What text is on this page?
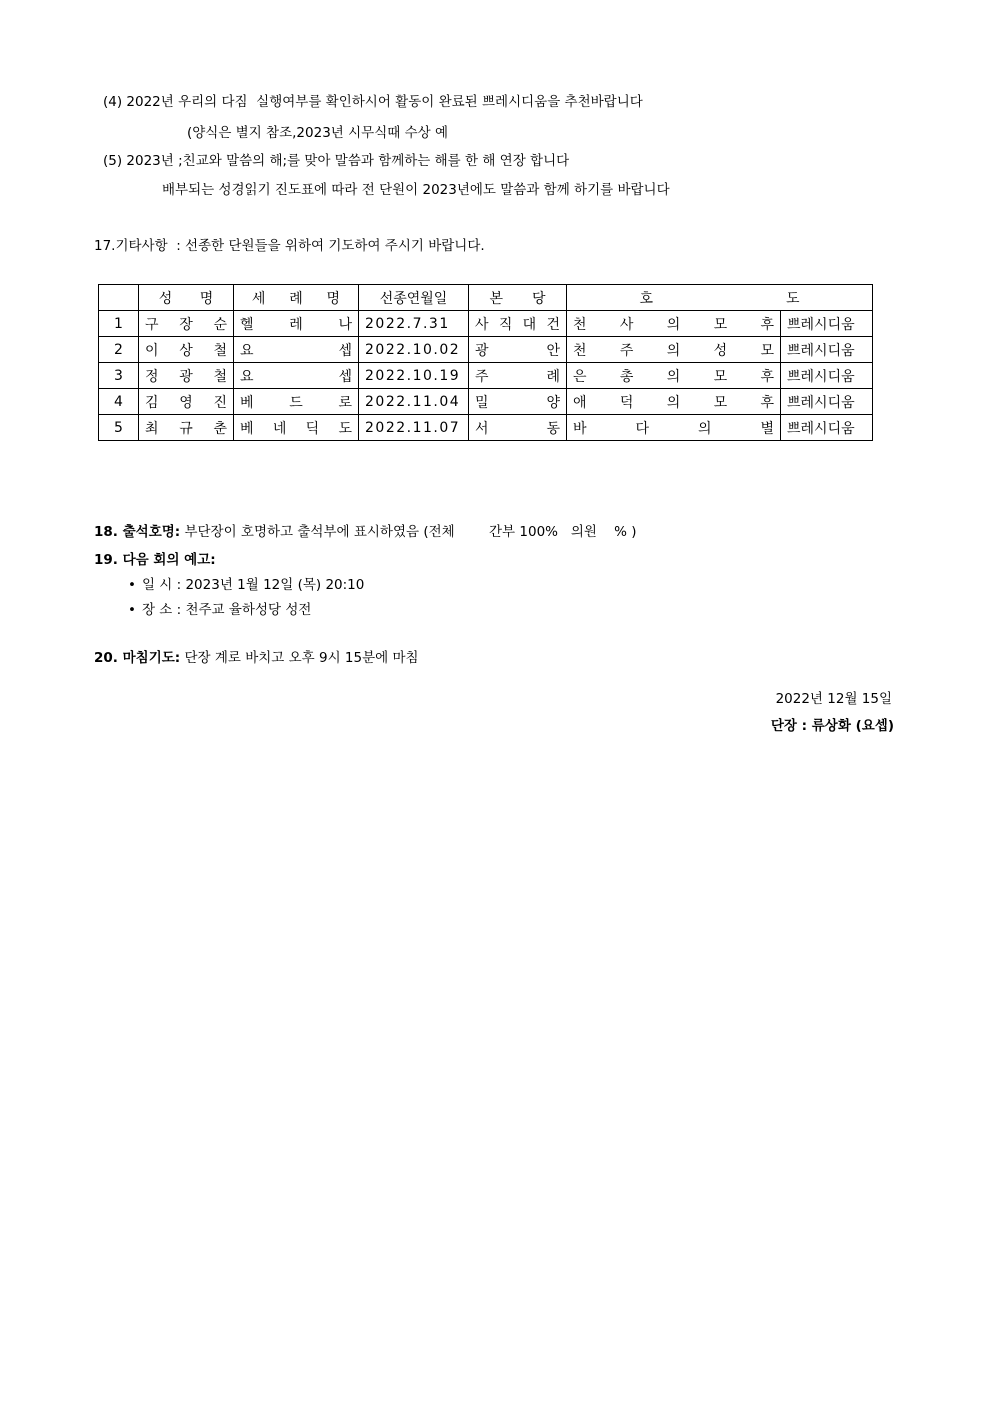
(4) 2022년 우리의 다짐  실행여부를 확인하시어 활동이 완료된 쁘레시디움을 추천바랍니다
(양식은 별지 참조,2023년 시무식때 수상 예
(5) 2023년 ;친교와 말씀의 해;를 맞아 말씀과 함께하는 해를 한 해 연장 합니다
배부되는 성경읽기 진도표에 따라 전 단원이 2023년에도 말씀과 함께 하기를 바랍니다
17.기타사항  : 선종한 단원들을 위하여 기도하여 주시기 바랍니다.

	성 명	세 례 명	선종연월일	본 당	호 도	

1	구 장 순	헬 레 나	2022.7.31	사 직 대 건	천 사 의 모 후	쁘레시디움
2	이 상 철	요 셉	2022.10.02	광 안	천 주 의 성 모	쁘레시디움
3	정 광 철	요 셉	2022.10.19	주 례	은 총 의 모 후	쁘레시디움
4	김 영 진	베 드 로	2022.11.04	밀 양	애 덕 의 모 후	쁘레시디움
5	최 규 춘	베 네 딕 도	2022.11.07	서 동	바 다 의 별	쁘레시디움
18. 출석호명: 부단장이 호명하고 출석부에 표시하였음 (전체        간부 100%   의원    % )
19. 다음 회의 예고:
• 일 시 : 2023년 1월 12일 (목) 20:10
• 장 소 : 천주교 율하성당 성전
20. 마침기도: 단장 계로 바치고 오후 9시 15분에 마침
2022년 12월 15일
단장 : 류상화 (요셉)
